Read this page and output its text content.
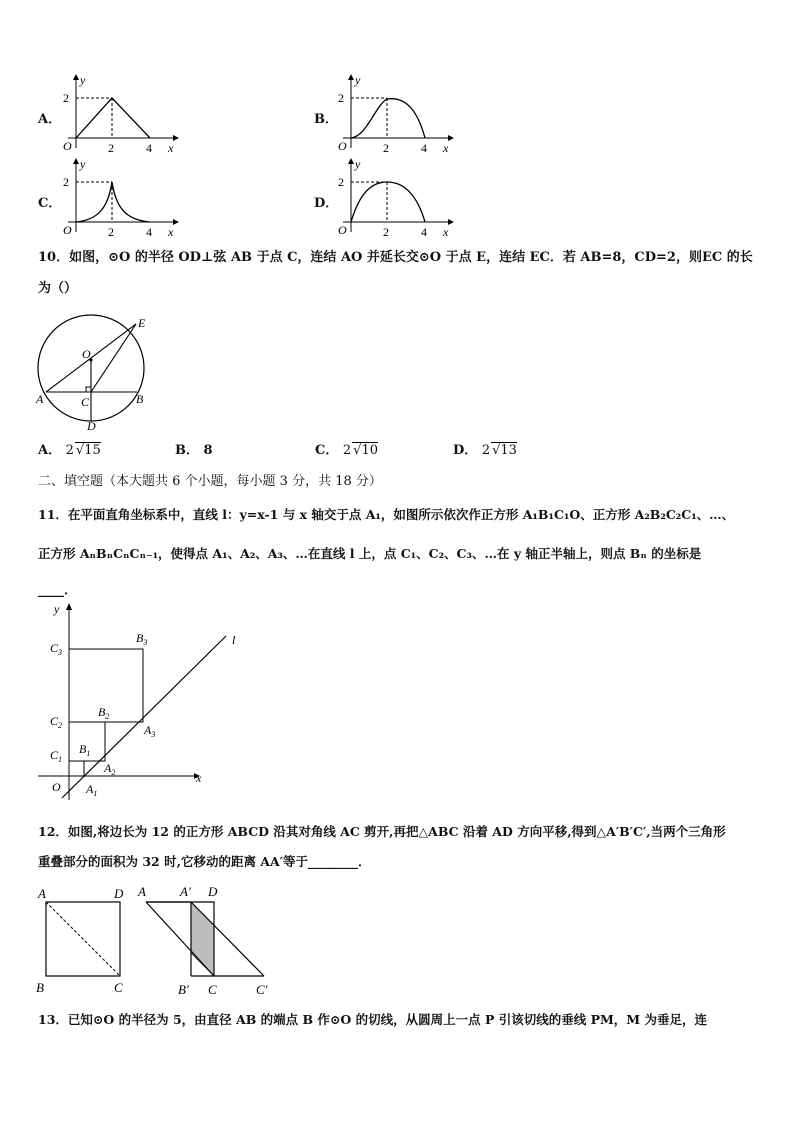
A．
2
y
O	2	4 x
B．
2
y
O	2	4 x
C．
2
y
O	2	4 x
D．
2
y
O	2	4 x
10．如图，⊙O 的半径 OD⊥弦 AB 于点 C，连结 AO 并延长交⊙O 于点 E，连结 EC．若 AB=8，CD=2，则EC 的长
为（）
A	B
C
D
E
O
A． 2 √15	B． 8	C． 2 √10	D． 2 √13
二、填空题（本大题共 6 个小题，每小题 3 分，共 18 分）
11．在平面直角坐标系中，直线 l：y=x-1 与 x 轴交于点 A₁，如图所示依次作正方形 A₁B₁C₁O、正方形 A₂B₂C₂C₁、…、
正方形 AₙBₙCₙCₙ₋₁，使得点 A₁、A₂、A₃、…在直线 l 上，点 C₁、C₂、C₃、…在 y 轴正半轴上，则点 Bₙ 的坐标是
____．
y
x
O
l
$C_3$
$C_2$
$C_1$
$B_3$
$B_2$
$B_1$
$A_3$
$A_2$
$A_1$
12．如图,将边长为 12 的正方形 ABCD 沿其对角线 AC 剪开,再把△ABC 沿着 AD 方向平移,得到△A′B′C′,当两个三角形
重叠部分的面积为 32 时,它移动的距离 AA′等于________．
A	D
B	C
A	A′ D
B′ C	C′
13．已知⊙O 的半径为 5，由直径 AB 的端点 B 作⊙O 的切线，从圆周上一点 P 引该切线的垂线 PM，M 为垂足，连
